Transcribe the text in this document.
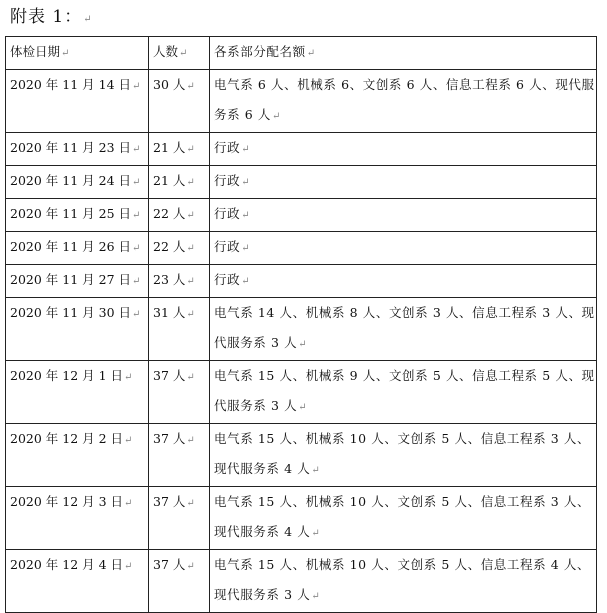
附表 1：↵
体检日期↵	人数↵	各系部分配名额↵
2020 年 11 月 14 日↵	30 人↵	电气系 6 人、机械系 6、文创系 6 人、信息工程系 6 人、现代服务系 6 人↵
2020 年 11 月 23 日↵	21 人↵	行政↵
2020 年 11 月 24 日↵	21 人↵	行政↵
2020 年 11 月 25 日↵	22 人↵	行政↵
2020 年 11 月 26 日↵	22 人↵	行政↵
2020 年 11 月 27 日↵	23 人↵	行政↵
2020 年 11 月 30 日↵	31 人↵	电气系 14 人、机械系 8 人、文创系 3 人、信息工程系 3 人、现代服务系 3 人↵
2020 年 12 月 1 日↵	37 人↵	电气系 15 人、机械系 9 人、文创系 5 人、信息工程系 5 人、现代服务系 3 人↵
2020 年 12 月 2 日↵	37 人↵	电气系 15 人、机械系 10 人、文创系 5 人、信息工程系 3 人、现代服务系 4 人↵
2020 年 12 月 3 日↵	37 人↵	电气系 15 人、机械系 10 人、文创系 5 人、信息工程系 3 人、现代服务系 4 人↵
2020 年 12 月 4 日↵	37 人↵	电气系 15 人、机械系 10 人、文创系 5 人、信息工程系 4 人、现代服务系 3 人↵
